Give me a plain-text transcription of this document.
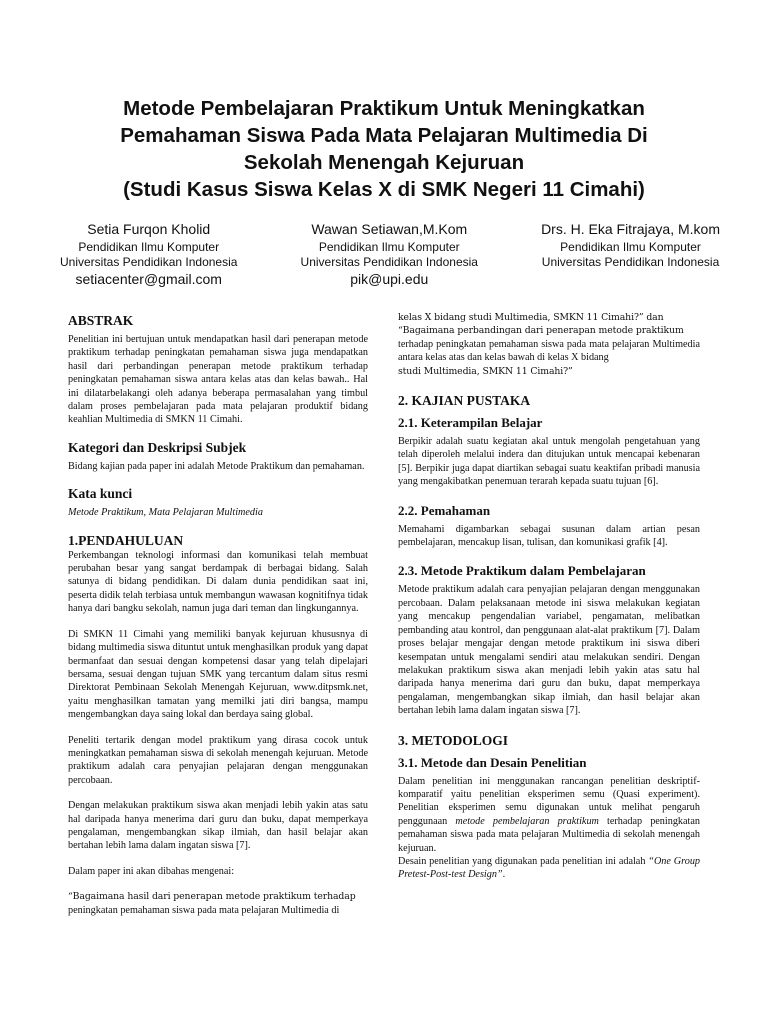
Metode Pembelajaran Praktikum Untuk Meningkatkan
Pemahaman Siswa Pada Mata Pelajaran Multimedia Di
Sekolah Menengah Kejuruan
(Studi Kasus Siswa Kelas X di SMK Negeri 11 Cimahi)
Setia Furqon Kholid
Pendidikan Ilmu Komputer
Universitas Pendidikan Indonesia
setiacenter@gmail.com
Wawan Setiawan,M.Kom
Pendidikan Ilmu Komputer
Universitas Pendidikan Indonesia
pik@upi.edu
Drs. H. Eka Fitrajaya, M.kom
Pendidikan Ilmu Komputer
Universitas Pendidikan Indonesia
ABSTRAK

Penelitian ini bertujuan untuk mendapatkan hasil dari penerapan metode praktikum terhadap peningkatan pemahaman siswa juga mendapatkan hasil dari perbandingan penerapan metode praktikum terhadap peningkatan pemahaman siswa antara kelas atas dan kelas bawah.. Hal ini dilatarbelakangi oleh adanya beberapa permasalahan yang timbul dalam proses pembelajaran pada mata pelajaran produktif bidang keahlian Multimedia di SMKN 11 Cimahi.

Kategori dan Deskripsi Subjek

Bidang kajian pada paper ini adalah Metode Praktikum dan pemahaman.

Kata kunci

Metode Praktikum, Mata Pelajaran Multimedia

1.PENDAHULUAN

Perkembangan teknologi informasi dan komunikasi telah membuat perubahan besar yang sangat berdampak di berbagai bidang. Salah satunya di bidang pendidikan. Di dalam dunia pendidikan saat ini, peserta didik telah terbiasa untuk membangun wawasan kognitifnya tidak hanya dari bangku sekolah, namun juga dari teman dan lingkungannya.

Di SMKN 11 Cimahi yang memiliki banyak kejuruan khususnya di bidang multimedia siswa dituntut untuk menghasilkan produk yang dapat bermanfaat dan sesuai dengan kompetensi dasar yang telah dipelajari bersama, sesuai dengan tujuan SMK yang tercantum dalam situs resmi Direktorat Pembinaan Sekolah Menengah Kejuruan, www.ditpsmk.net, yaitu menghasilkan tamatan yang memilki jati diri bangsa, mampu mengembangkan daya saing lokal dan berdaya saing global.

Peneliti tertarik dengan model praktikum yang dirasa cocok untuk meningkatkan pemahaman siswa di sekolah menengah kejuruan. Metode praktikum adalah cara penyajian pelajaran dengan menggunakan percobaan.

Dengan melakukan praktikum siswa akan menjadi lebih yakin atas satu hal daripada hanya menerima dari guru dan buku, dapat memperkaya pengalaman, mengembangkan sikap ilmiah, dan hasil belajar akan bertahan lebih lama dalam ingatan siswa [7].

Dalam paper ini akan dibahas mengenai:

“Bagaimana hasil dari penerapan metode praktikum terhadap

peningkatan pemahaman siswa pada mata pelajaran Multimedia di

kelas X bidang studi Multimedia, SMKN 11 Cimahi?” dan

“Bagaimana perbandingan dari penerapan metode praktikum

terhadap peningkatan pemahaman siswa pada mata pelajaran Multimedia antara kelas atas dan kelas bawah di kelas X bidang

studi Multimedia, SMKN 11 Cimahi?”

2. KAJIAN PUSTAKA
2.1. Keterampilan Belajar

Berpikir adalah suatu kegiatan akal untuk mengolah pengetahuan yang telah diperoleh melalui indera dan ditujukan untuk mencapai kebenaran [5]. Berpikir juga dapat diartikan sebagai suatu keaktifan pribadi manusia yang mengakibatkan penemuan terarah kepada suatu tujuan [6].

2.2. Pemahaman

Memahami digambarkan sebagai susunan dalam artian pesan pembelajaran, mencakup lisan, tulisan, dan komunikasi grafik [4].

2.3. Metode Praktikum dalam Pembelajaran

Metode praktikum adalah cara penyajian pelajaran dengan menggunakan percobaan. Dalam pelaksanaan metode ini siswa melakukan kegiatan yang mencakup pengendalian variabel, pengamatan, melibatkan pembanding atau kontrol, dan penggunaan alat-alat praktikum [7]. Dalam proses belajar mengajar dengan metode praktikum ini siswa diberi kesempatan untuk mengalami sendiri atau melakukan sendiri. Dengan melakukan praktikum siswa akan menjadi lebih yakin atas satu hal daripada hanya menerima dari guru dan buku, dapat memperkaya pengalaman, mengembangkan sikap ilmiah, dan hasil belajar akan bertahan lebih lama dalam ingatan siswa [7].

3. METODOLOGI
3.1. Metode dan Desain Penelitian

Dalam penelitian ini menggunakan rancangan penelitian deskriptif-komparatif yaitu penelitian eksperimen semu (Quasi experiment). Penelitian eksperimen semu digunakan untuk melihat pengaruh penggunaan metode pembelajaran praktikum terhadap peningkatan pemahaman siswa pada mata pelajaran Multimedia di sekolah menengah kejuruan.

Desain penelitian yang digunakan pada penelitian ini adalah “One Group Pretest-Post-test Design”.
